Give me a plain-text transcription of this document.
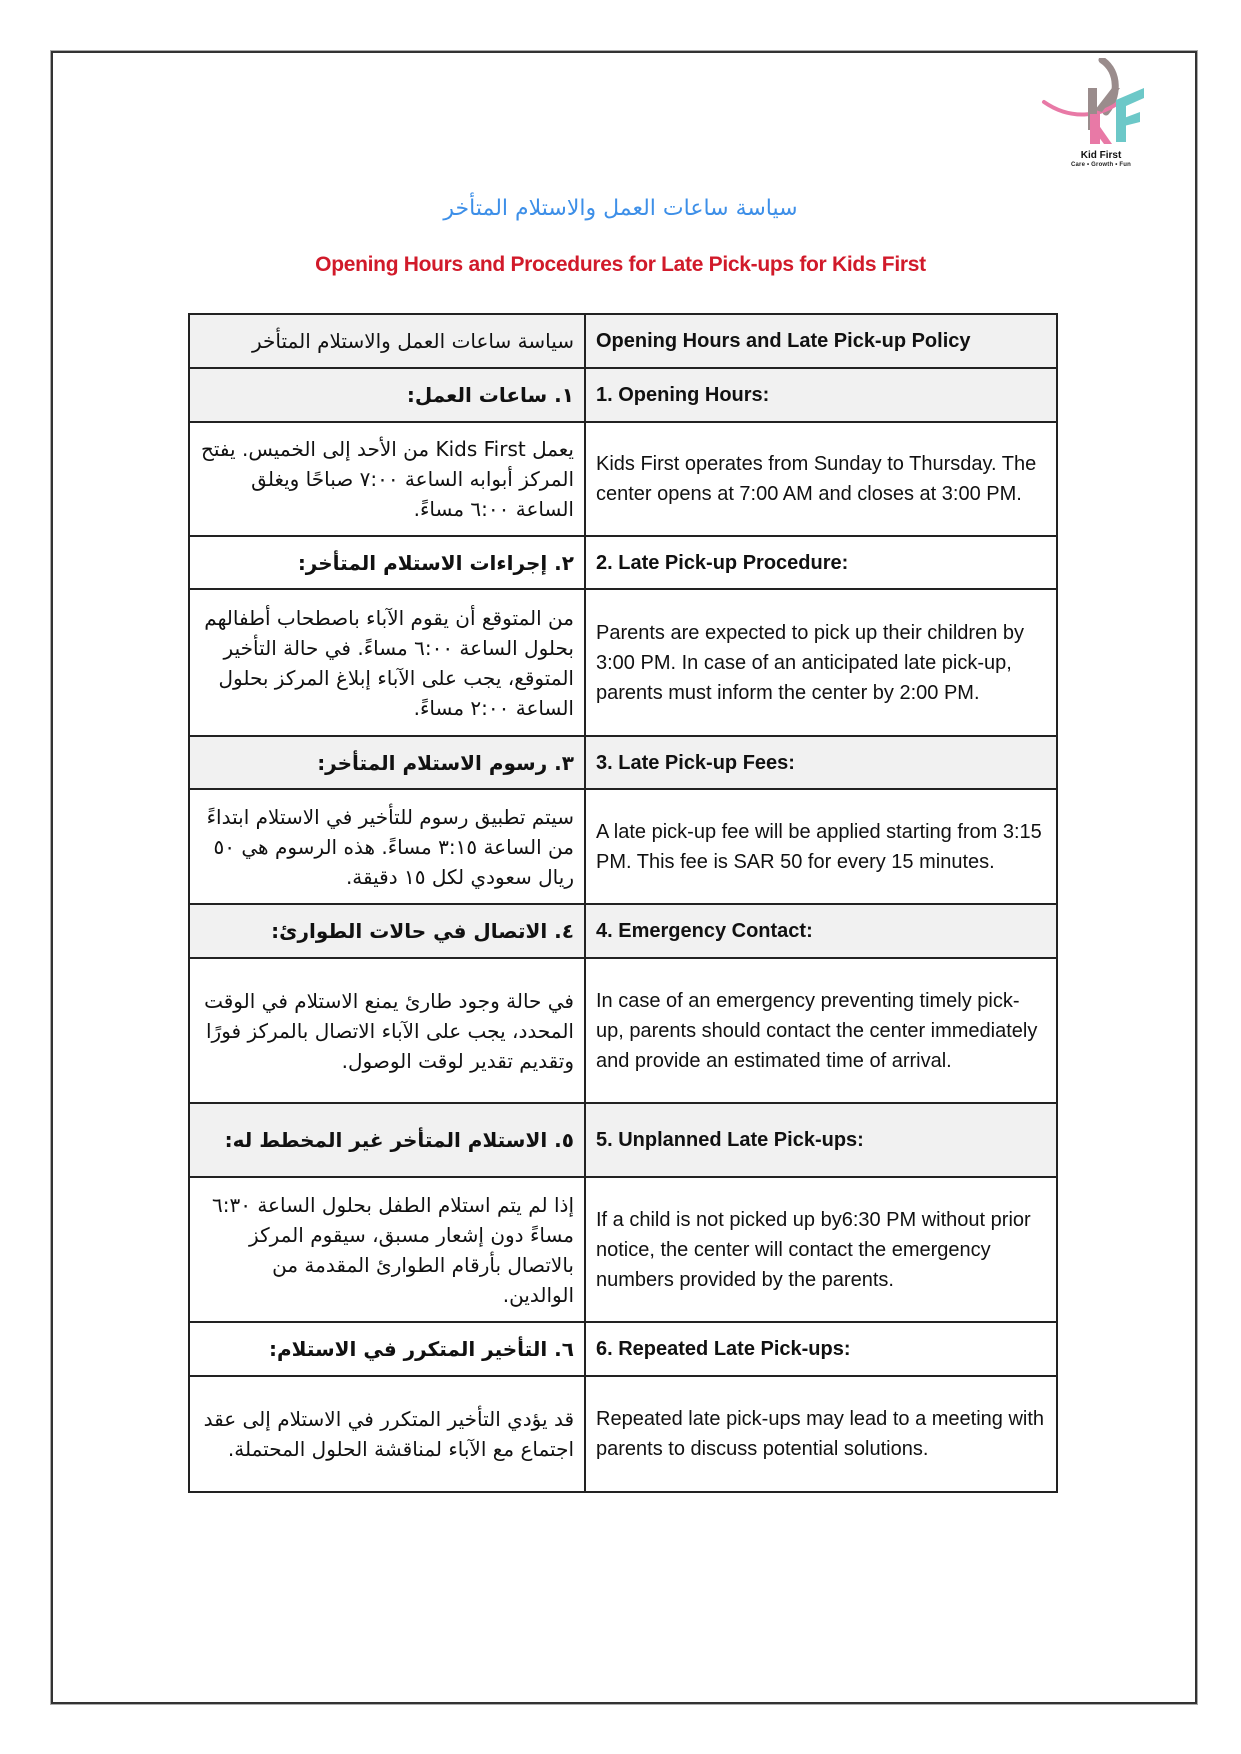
Kid First
Care • Growth • Fun
سياسة ساعات العمل والاستلام المتأخر
Opening Hours and Procedures for Late Pick-ups for Kids First
سياسة ساعات العمل والاستلام المتأخر	Opening Hours and Late Pick-up Policy
١. ساعات العمل:	1. Opening Hours:
يعمل Kids First من الأحد إلى الخميس. يفتح المركز أبوابه الساعة ٧:٠٠ صباحًا ويغلق الساعة ٦:٠٠ مساءً.	Kids First operates from Sunday to Thursday. The center opens at 7:00 AM and closes at 3:00 PM.
٢. إجراءات الاستلام المتأخر:	2. Late Pick-up Procedure:
من المتوقع أن يقوم الآباء باصطحاب أطفالهم بحلول الساعة ٦:٠٠ مساءً. في حالة التأخير المتوقع، يجب على الآباء إبلاغ المركز بحلول الساعة ٢:٠٠ مساءً.	Parents are expected to pick up their children by 3:00 PM. In case of an anticipated late pick-up, parents must inform the center by 2:00 PM.
٣. رسوم الاستلام المتأخر:	3. Late Pick-up Fees:
سيتم تطبيق رسوم للتأخير في الاستلام ابتداءً من الساعة ٣:١٥ مساءً. هذه الرسوم هي ٥٠ ريال سعودي لكل ١٥ دقيقة.	A late pick-up fee will be applied starting from 3:15 PM. This fee is SAR 50 for every 15 minutes.
٤. الاتصال في حالات الطوارئ:	4. Emergency Contact:
في حالة وجود طارئ يمنع الاستلام في الوقت المحدد، يجب على الآباء الاتصال بالمركز فورًا وتقديم تقدير لوقت الوصول.	In case of an emergency preventing timely pick-up, parents should contact the center immediately and provide an estimated time of arrival.
٥. الاستلام المتأخر غير المخطط له:	5. Unplanned Late Pick-ups:
إذا لم يتم استلام الطفل بحلول الساعة ٦:٣٠ مساءً دون إشعار مسبق، سيقوم المركز بالاتصال بأرقام الطوارئ المقدمة من الوالدين.	If a child is not picked up by6:30 PM without prior notice, the center will contact the emergency numbers provided by the parents.
٦. التأخير المتكرر في الاستلام:	6. Repeated Late Pick-ups:
قد يؤدي التأخير المتكرر في الاستلام إلى عقد اجتماع مع الآباء لمناقشة الحلول المحتملة.	Repeated late pick-ups may lead to a meeting with parents to discuss potential solutions.
